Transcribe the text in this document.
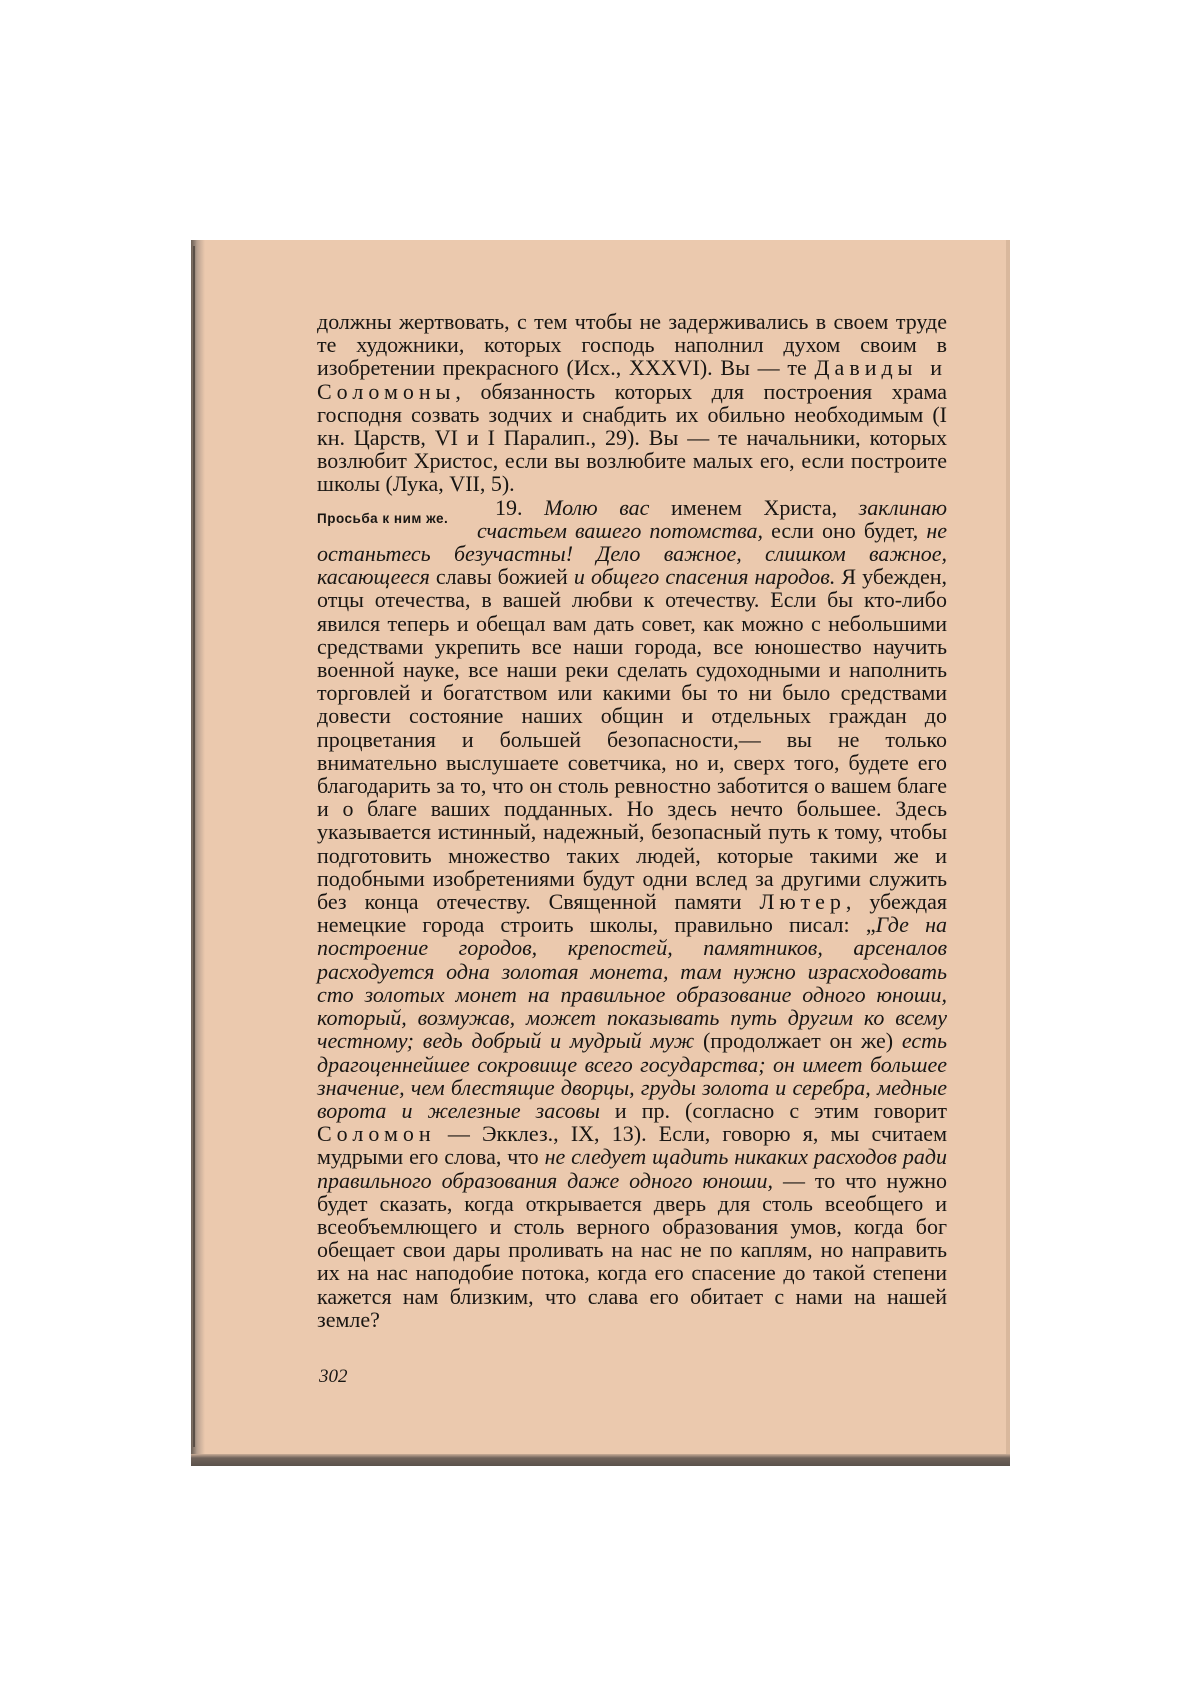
должны жертвовать, с тем чтобы не задерживались в своем труде те художники, которых господь наполнил духом своим в изобретении прекрасного (Исх., XXXVI). Вы — те Давиды и Соломоны, обязанность которых для построения храма господня созвать зодчих и снабдить их обильно необходимым (I кн. Царств, VI и I Паралип., 29). Вы — те начальники, которых возлюбит Христос, если вы возлюбите малых его, если построите школы (Лука, VII, 5).

Просьба к ним же.	19. Молю вас именем Христа, заклинаю счастьем вашего потомства, если оно будет, не останьтесь безучастны! Дело важное, слишком важное, касающееся славы божией и общего спасения народов. Я убежден, отцы отечества, в вашей любви к отечеству. Если бы кто-либо явился теперь и обещал вам дать совет, как можно с небольшими средствами укрепить все наши города, все юношество научить военной науке, все наши реки сделать судоходными и наполнить торговлей и богатством или какими бы то ни было средствами довести состояние наших общин и отдельных граждан до процветания и большей безопасности,— вы не только внимательно выслушаете советчика, но и, сверх того, будете его благодарить за то, что он столь ревностно заботится о вашем благе и о благе ваших подданных. Но здесь нечто большее. Здесь указывается истинный, надежный, безопасный путь к тому, чтобы подготовить множество таких людей, которые такими же и подобными изобретениями будут одни вслед за другими служить без конца отечеству. Священной памяти Лютер, убеждая немецкие города строить школы, правильно писал: „Где на построение городов, крепостей, памятников, арсеналов расходуется одна золотая монета, там нужно израсходовать сто золотых монет на правильное образование одного юноши, который, возмужав, может показывать путь другим ко всему честному; ведь добрый и мудрый муж (продолжает он же) есть драгоценнейшее сокровище всего государства; он имеет большее значение, чем блестящие дворцы, груды золота и серебра, медные ворота и железные засовы и пр. (согласно с этим говорит Соломон — Экклез., IX, 13). Если, говорю я, мы считаем мудрыми его слова, что не следует щадить никаких расходов ради правильного образования даже одного юноши, — то что нужно будет сказать, когда открывается дверь для столь всеобщего и всеобъемлющего и столь верного образования умов, когда бог обещает свои дары проливать на нас не по каплям, но направить их на нас наподобие потока, когда его спасение до такой степени кажется нам близким, что слава его обитает с нами на нашей земле?

302
